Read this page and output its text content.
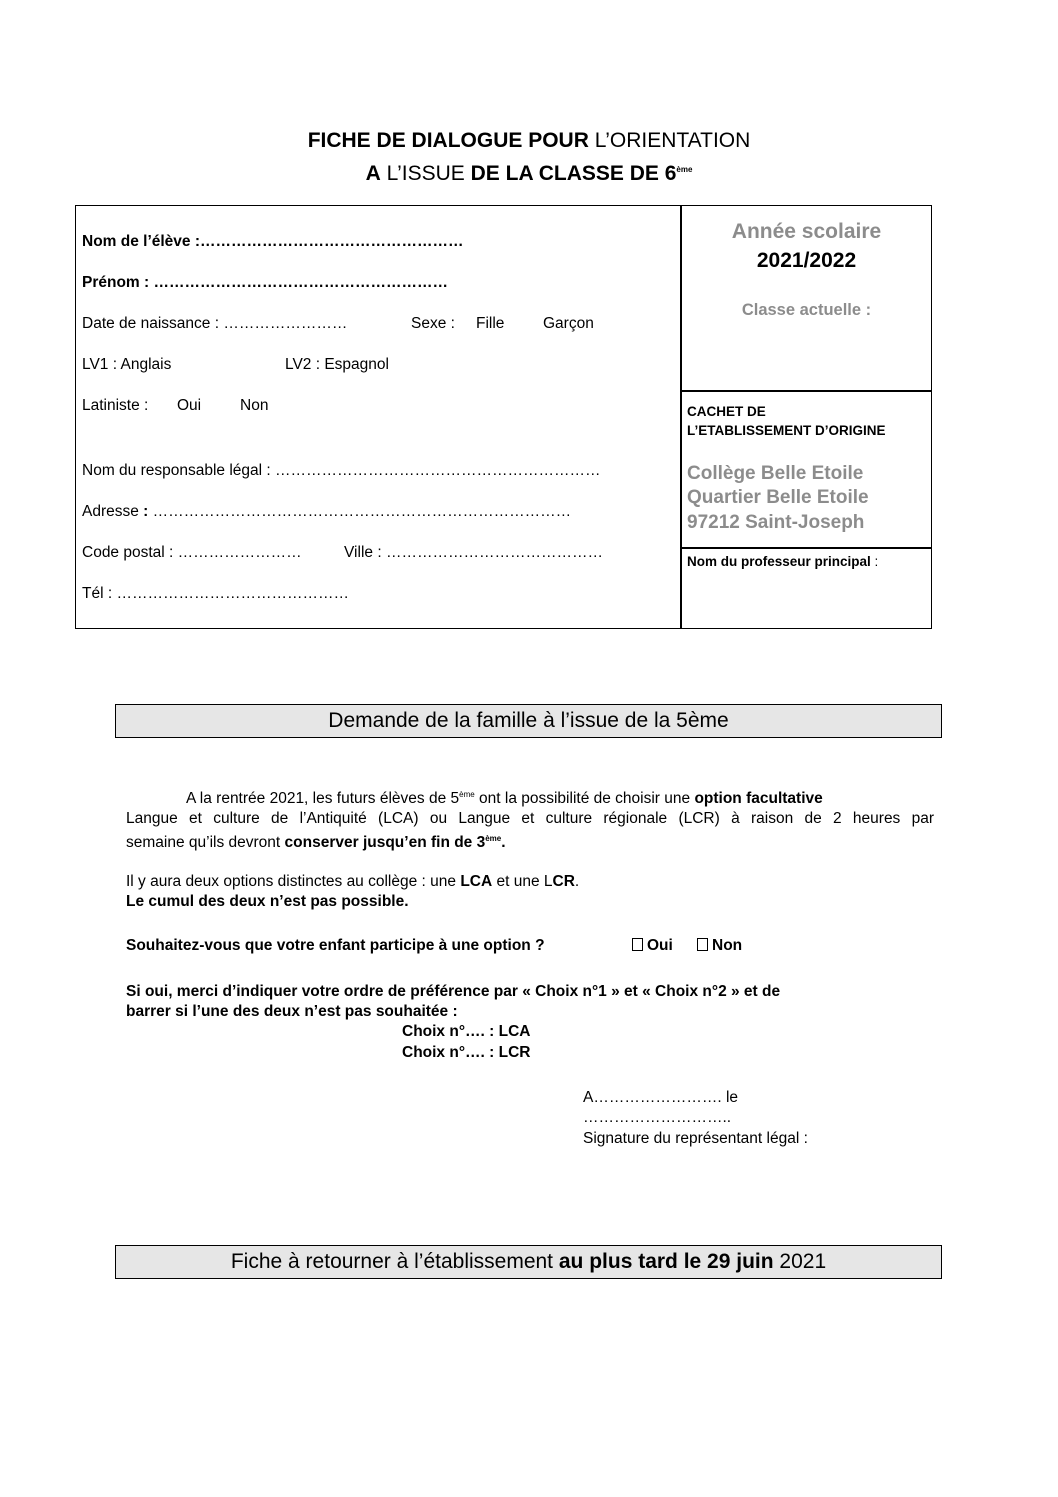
FICHE DE DIALOGUE POUR L’ORIENTATION
A L’ISSUE DE LA CLASSE DE 6ème
Nom de l’élève :……………………………………………
Prénom : …………………………………………………
Date de naissance : ……………………	Sexe : Fille Garçon
LV1 : Anglais	LV2 : Espagnol
Latiniste : Oui	Non
Nom du responsable légal : ………………………………………………………
Adresse : ………………………………………………………………………
Code postal : ……………………	Ville : ……………………………………
Tél : ………………………………………
Année scolaire
2021/2022
Classe actuelle :
CACHET DE
L’ETABLISSEMENT D’ORIGINE
Collège Belle Etoile
Quartier Belle Etoile
97212 Saint-Joseph
Nom du professeur principal :
Demande de la famille à l’issue de la 5ème
A la rentrée 2021, les futurs élèves de 5ème ont la possibilité de choisir une option facultative
Langue et culture de l’Antiquité (LCA) ou Langue et culture régionale (LCR) à raison de 2 heures par
semaine qu’ils devront conserver jusqu’en fin de 3ème.
Il y aura deux options distinctes au collège : une LCA et une LCR.
Le cumul des deux n’est pas possible.
Souhaitez-vous que votre enfant participe à une option ?	Oui	Non
Si oui, merci d’indiquer votre ordre de préférence par « Choix n°1 » et « Choix n°2 » et de
barrer si l’une des deux n’est pas souhaitée :
Choix n°…. : LCA
Choix n°…. : LCR
A……………………. le
………………………..
Signature du représentant légal :
Fiche à retourner à l’établissement au plus tard le 29 juin 2021
